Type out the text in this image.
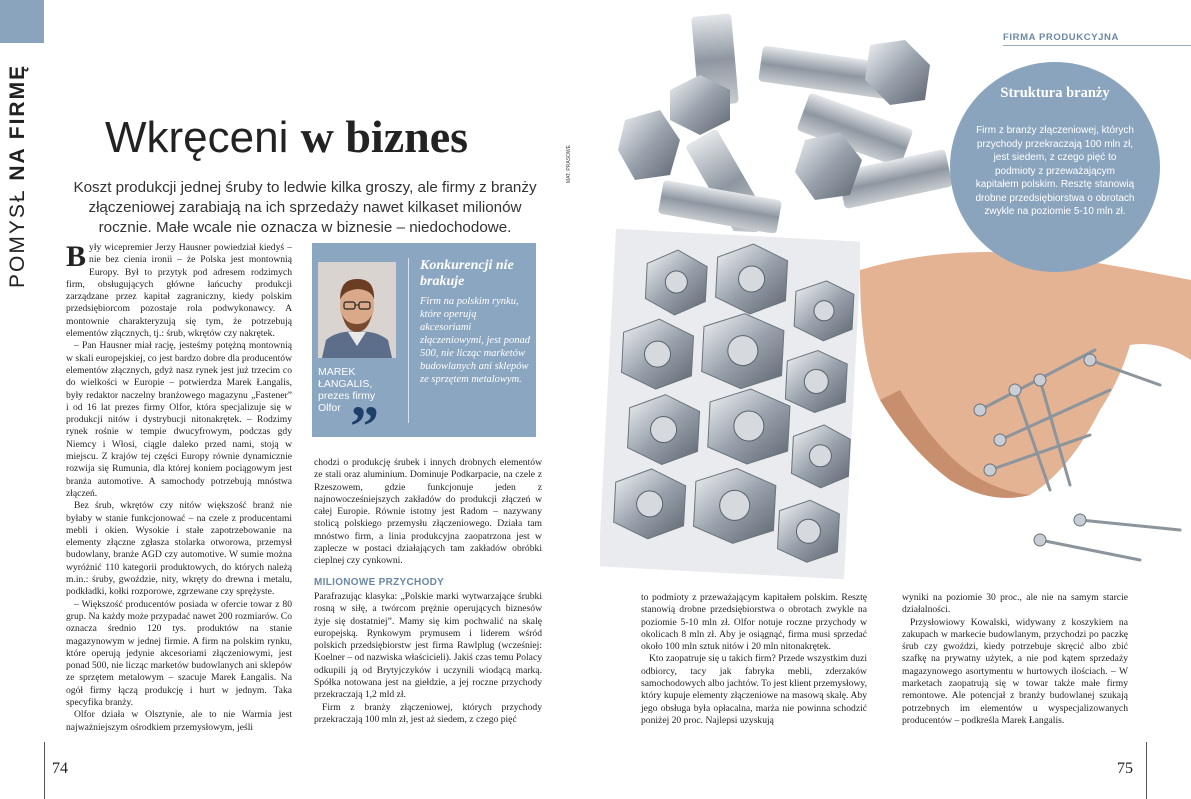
POMYSŁ NA FIRMĘ Wkręceni w biznes
MAT. PRASOWE
Koszt produkcji jednej śruby to ledwie kilka groszy, ale firmy z branży złączeniowej zarabiają na ich sprzedaży nawet kilkaset milionów rocznie. Małe wcale nie oznacza w biznesie – niedochodowe.

Były wicepremier Jerzy Hausner powiedział kiedyś – nie bez cienia ironii – że Polska jest montownią Europy. Był to przytyk pod adresem rodzimych firm, obsługujących główne łańcuchy produkcji zarządzane przez kapitał zagraniczny, kiedy polskim przedsiębiorcom pozostaje rola podwykonawcy. A montownie charakteryzują się tym, że potrzebują elementów złącznych, tj.: śrub, wkrętów czy nakrętek.

– Pan Hausner miał rację, jesteśmy potężną montownią w skali europejskiej, co jest bardzo dobre dla producentów elementów złącznych, gdyż nasz rynek jest już trzecim co do wielkości w Europie – potwierdza Marek Łangalis, były redaktor naczelny branżowego magazynu „Fastener” i od 16 lat prezes firmy Olfor, która specjalizuje się w produkcji nitów i dystrybucji nitonakrętek. – Rodzimy rynek rośnie w tempie dwucyfrowym, podczas gdy Niemcy i Włosi, ciągle daleko przed nami, stoją w miejscu. Z krajów tej części Europy równie dynamicznie rozwija się Rumunia, dla której koniem pociągowym jest branża automotive. A samochody potrzebują mnóstwa złączeń.

Bez śrub, wkrętów czy nitów większość branż nie byłaby w stanie funkcjonować – na czele z producentami mebli i okien. Wysokie i stałe zapotrzebowanie na elementy złączne zgłasza stolarka otworowa, przemysł budowlany, branże AGD czy automotive. W sumie można wyróżnić 110 kategorii produktowych, do których należą m.in.: śruby, gwoździe, nity, wkręty do drewna i metalu, podkładki, kołki rozporowe, zgrzewane czy sprężyste.

– Większość producentów posiada w ofercie towar z 80 grup. Na każdy może przypadać nawet 200 rozmiarów. Co oznacza średnio 120 tys. produktów na stanie magazynowym w jednej firmie. A firm na polskim rynku, które operują jedynie akcesoriami złączeniowymi, jest ponad 500, nie licząc marketów budowlanych ani sklepów ze sprzętem metalowym – szacuje Marek Łangalis. Na ogół firmy łączą produkcję i hurt w jednym. Taka specyfika branży.

Olfor działa w Olsztynie, ale to nie Warmia jest najważniejszym ośrodkiem przemysłowym, jeśli

MAREK ŁANGALIS,
prezes firmy Olfor ”
Konkurencji nie brakuje
Firm na polskim rynku, które operują akcesoriami złączeniowymi, jest ponad 500, nie licząc marketów budowlanych ani sklepów ze sprzętem metalowym.

chodzi o produkcję śrubek i innych drobnych elementów ze stali oraz aluminium. Dominuje Podkarpacie, na czele z Rzeszowem, gdzie funkcjonuje jeden z najnowocześniejszych zakładów do produkcji złączeń w całej Europie. Równie istotny jest Radom – nazywany stolicą polskiego przemysłu złączeniowego. Działa tam mnóstwo firm, a linia produkcyjna zaopatrzona jest w zaplecze w postaci działających tam zakładów obróbki cieplnej czy cynkowni.

MILIONOWE PRZYCHODY

Parafrazując klasyka: „Polskie marki wytwarzające śrubki rosną w siłę, a twórcom prężnie operujących biznesów żyje się dostatniej”. Mamy się kim pochwalić na skalę europejską. Rynkowym prymusem i liderem wśród polskich przedsiębiorstw jest firma Rawlplug (wcześniej: Koelner – od nazwiska właścicieli). Jakiś czas temu Polacy odkupili ją od Brytyjczyków i uczynili wiodącą marką. Spółka notowana jest na giełdzie, a jej roczne przychody przekraczają 1,2 mld zł.

Firm z branży złączeniowej, których przychody przekraczają 100 mln zł, jest aż siedem, z czego pięć

74
FIRMA PRODUKCYJNA
Struktura branży
Firm z branży złączeniowej, których przychody przekraczają 100 mln zł, jest siedem, z czego pięć to podmioty z przeważającym kapitałem polskim. Resztę stanowią drobne przedsiębiorstwa o obrotach zwykle na poziomie 5-10 mln zł.

to podmioty z przeważającym kapitałem polskim. Resztę stanowią drobne przedsiębiorstwa o obrotach zwykle na poziomie 5-10 mln zł. Olfor notuje roczne przychody w okolicach 8 mln zł. Aby je osiągnąć, firma musi sprzedać około 100 mln sztuk nitów i 20 mln nitonakrętek.

Kto zaopatruje się u takich firm? Przede wszystkim duzi odbiorcy, tacy jak fabryka mebli, zderzaków samochodowych albo jachtów. To jest klient przemysłowy, który kupuje elementy złączeniowe na masową skalę. Aby jego obsługa była opłacalna, marża nie powinna schodzić poniżej 20 proc. Najlepsi uzyskują

wyniki na poziomie 30 proc., ale nie na samym starcie działalności.

Przysłowiowy Kowalski, widywany z koszykiem na zakupach w markecie budowlanym, przychodzi po paczkę śrub czy gwoździ, kiedy potrzebuje skręcić albo zbić szafkę na prywatny użytek, a nie pod kątem sprzedaży magazynowego asortymentu w hurtowych ilościach. – W marketach zaopatrują się w towar także małe firmy remontowe. Ale potencjał z branży budowlanej szukają potrzebnych im elementów u wyspecjalizowanych producentów – podkreśla Marek Łangalis.

75
